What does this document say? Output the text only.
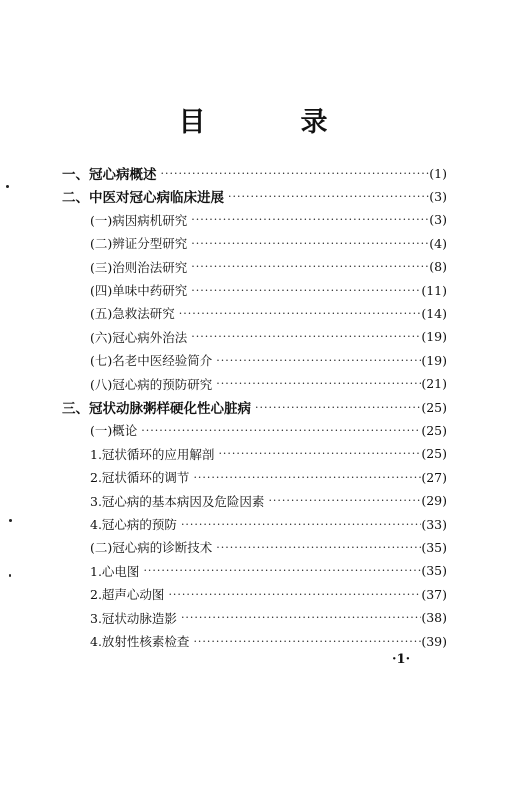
目　录
一、冠心病概述 ·····	(1)
二、中医对冠心病临床进展 ·····	(3)
(一)病因病机研究 ·····	(3)
(二)辨证分型研究 ·····	(4)
(三)治则治法研究 ·····	(8)
(四)单味中药研究 ·····	(11)
(五)急救法研究 ·····	(14)
(六)冠心病外治法 ·····	(19)
(七)名老中医经验简介 ·····	(19)
(八)冠心病的预防研究 ·····	(21)
三、冠状动脉粥样硬化性心脏病 ·····	(25)
(一)概论 ·····	(25)
1.冠状循环的应用解剖 ·····	(25)
2.冠状循环的调节 ·····	(27)
3.冠心病的基本病因及危险因素 ·····	(29)
4.冠心病的预防 ·····	(33)
(二)冠心病的诊断技术 ·····	(35)
1.心电图 ·····	(35)
2.超声心动图 ·····	(37)
3.冠状动脉造影 ·····	(38)
4.放射性核素检查 ·····	(39)
·1·
